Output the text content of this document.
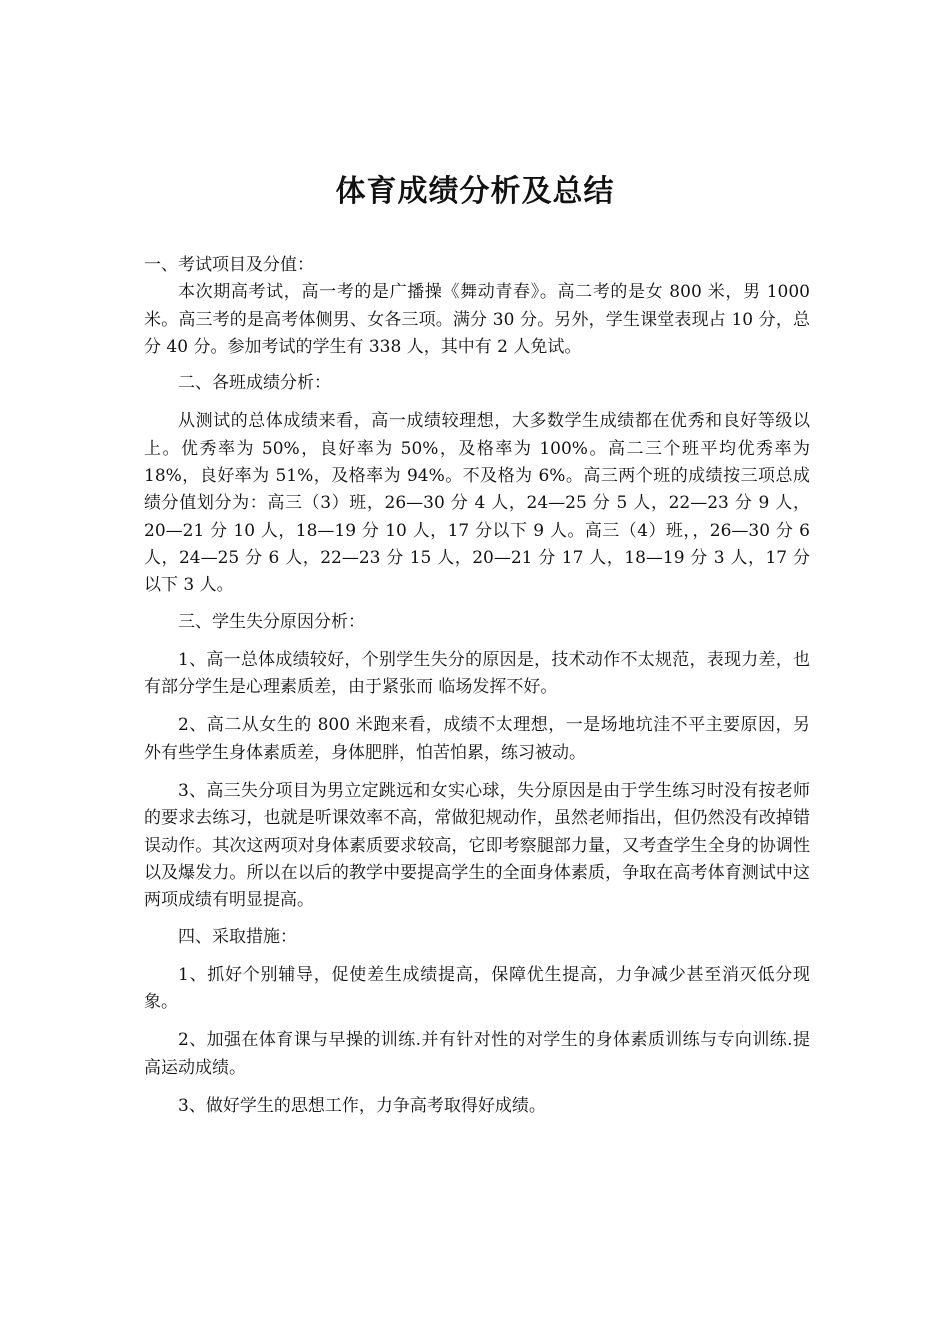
体育成绩分析及总结

一、考试项目及分值：

本次期高考试，高一考的是广播操《舞动青春》。高二考的是女 800 米，男 1000 米。高三考的是高考体侧男、女各三项。满分 30 分。另外，学生课堂表现占 10 分，总分 40 分。参加考试的学生有 338 人，其中有 2 人免试。

二、各班成绩分析：

从测试的总体成绩来看，高一成绩较理想，大多数学生成绩都在优秀和良好等级以上。优秀率为 50%，良好率为 50%，及格率为 100%。高二三个班平均优秀率为 18%，良好率为 51%，及格率为 94%。不及格为 6%。高三两个班的成绩按三项总成绩分值划分为：高三（3）班，26—30 分 4 人，24—25 分 5 人，22—23 分 9 人，20—21 分 10 人，18—19 分 10 人，17 分以下 9 人。高三（4）班，，26—30 分 6 人，24—25 分 6 人，22—23 分 15 人，20—21 分 17 人，18—19 分 3 人，17 分以下 3 人。

三、学生失分原因分析：

1、高一总体成绩较好，个别学生失分的原因是，技术动作不太规范，表现力差，也有部分学生是心理素质差，由于紧张而 临场发挥不好。

2、高二从女生的 800 米跑来看，成绩不太理想，一是场地坑洼不平主要原因，另外有些学生身体素质差，身体肥胖，怕苦怕累，练习被动。

3、高三失分项目为男立定跳远和女实心球，失分原因是由于学生练习时没有按老师的要求去练习，也就是听课效率不高，常做犯规动作，虽然老师指出，但仍然没有改掉错误动作。其次这两项对身体素质要求较高，它即考察腿部力量，又考查学生全身的协调性以及爆发力。所以在以后的教学中要提高学生的全面身体素质，争取在高考体育测试中这两项成绩有明显提高。

四、采取措施：

1、抓好个别辅导，促使差生成绩提高，保障优生提高，力争减少甚至消灭低分现象。

2、加强在体育课与早操的训练.并有针对性的对学生的身体素质训练与专向训练.提高运动成绩。

3、做好学生的思想工作，力争高考取得好成绩。
